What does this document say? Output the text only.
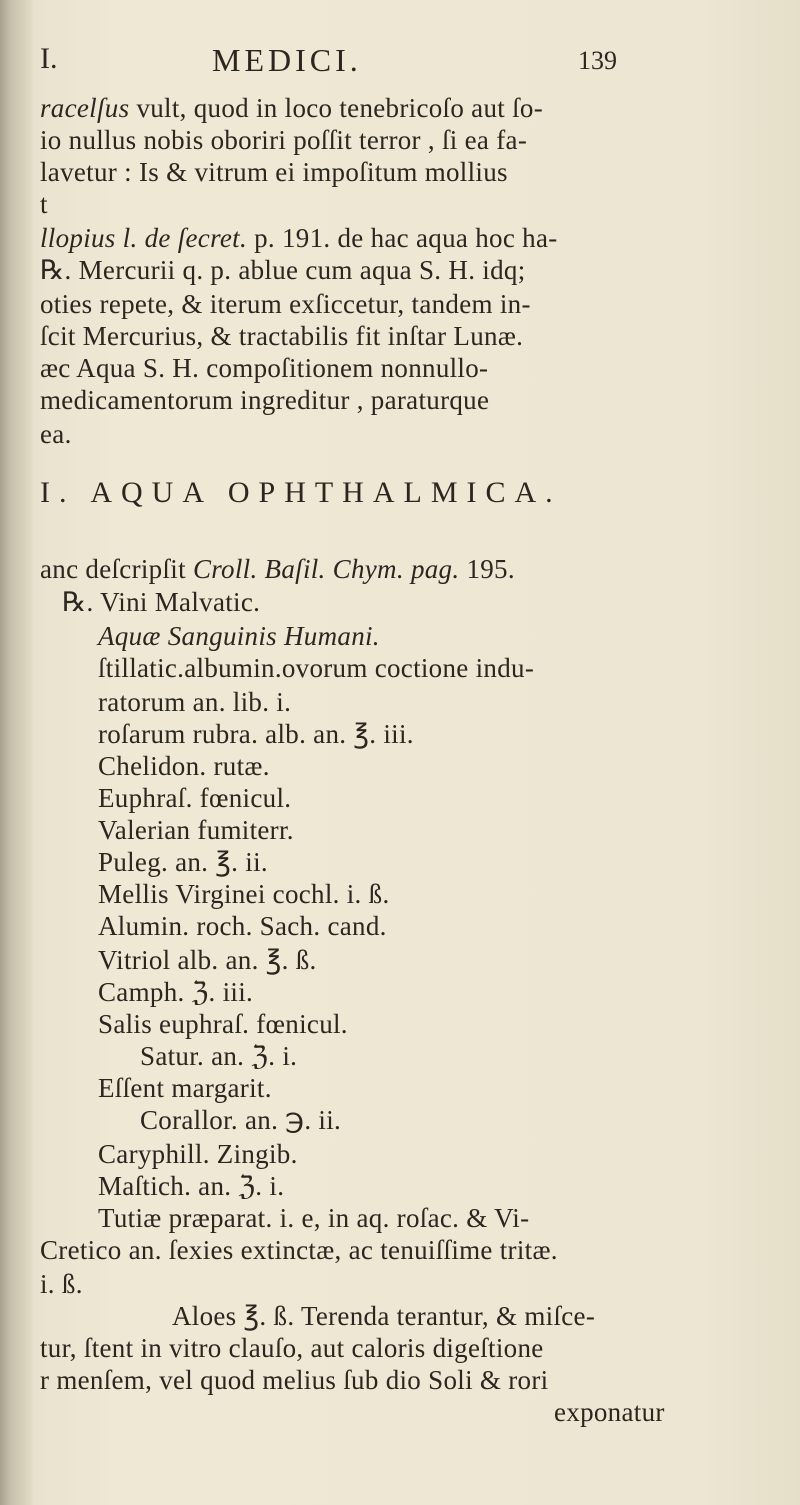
I.	MEDICI.	139
racelſus vult, quod in loco tenebricoſo aut ſo-
io nullus nobis oboriri poſſit terror , ſi ea fa-
lavetur : Is & vitrum ei impoſitum mollius
t
llopius l. de ſecret. p. 191. de hac aqua hoc ha-
℞. Mercurii q. p. ablue cum aqua S. H. idq;
oties repete, & iterum exſiccetur, tandem in-
ſcit Mercurius, & tractabilis fit inſtar Lunæ.
æc Aqua S. H. compoſitionem nonnullo-
medicamentorum ingreditur , paraturque
ea.
I. AQUA OPHTHALMICA.
anc deſcripſit Croll. Baſil. Chym. pag. 195.
℞. Vini Malvatic.
Aquæ Sanguinis Humani.
ſtillatic.albumin.ovorum coctione indu-
ratorum an. lib. i.
roſarum rubra. alb. an. ℥. iii.
Chelidon. rutæ.
Euphraſ. fœnicul.
Valerian fumiterr.
Puleg. an. ℥. ii.
Mellis Virginei cochl. i. ß.
Alumin. roch. Sach. cand.
Vitriol alb. an. ℥. ß.
Camph. ℨ. iii.
Salis euphraſ. fœnicul.
Satur. an. ℨ. i.
Eſſent margarit.
Corallor. an. ℈. ii.
Caryphill. Zingib.
Maſtich. an. ℨ. i.
Tutiæ præparat. i. e, in aq. roſac. & Vi-
Cretico an. ſexies extinctæ, ac tenuiſſime tritæ.
i. ß.
Aloes ℥. ß. Terenda terantur, & miſce-
tur, ſtent in vitro clauſo, aut caloris digeſtione
r menſem, vel quod melius ſub dio Soli & rori
exponatur
